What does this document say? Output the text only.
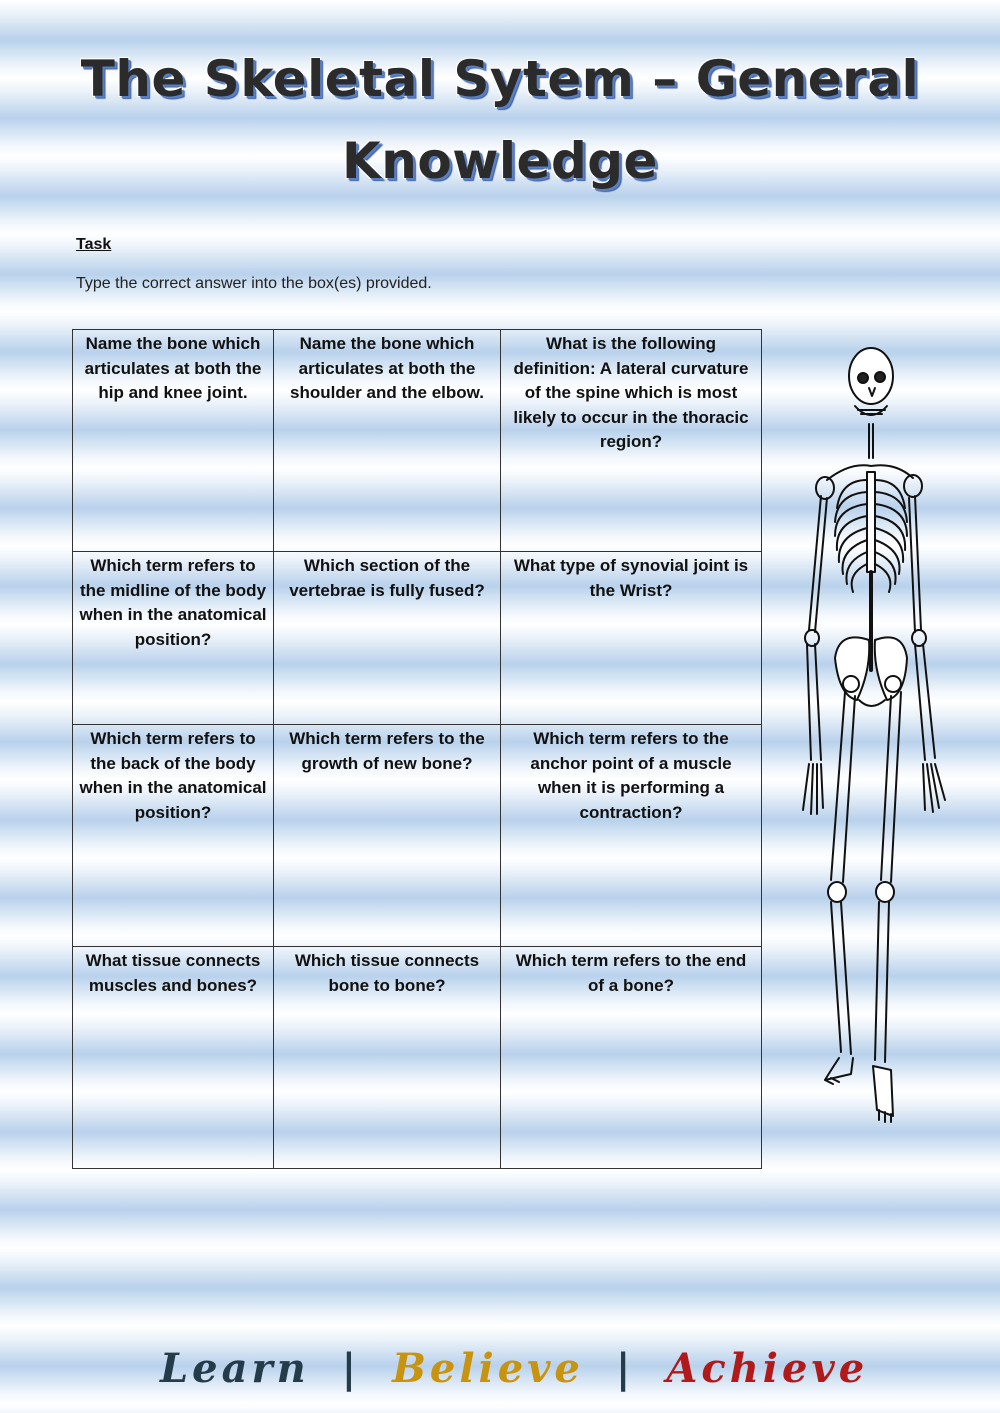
The Skeletal Sytem – General
Knowledge
Task
Type the correct answer into the box(es) provided.
Name the bone which articulates at both the hip and knee joint.	Name the bone which articulates at both the shoulder and the elbow.	What is the following definition: A lateral curvature of the spine which is most likely to occur in the thoracic region?
Which term refers to the midline of the body when in the anatomical position?	Which section of the vertebrae is fully fused?	What type of synovial joint is the Wrist?
Which term refers to the back of the body when in the anatomical position?	Which term refers to the growth of new bone?	Which term refers to the anchor point of a muscle when it is performing a contraction?
What tissue connects muscles and bones?	Which tissue connects bone to bone?	Which term refers to the end of a bone?
Learn | Believe | Achieve
